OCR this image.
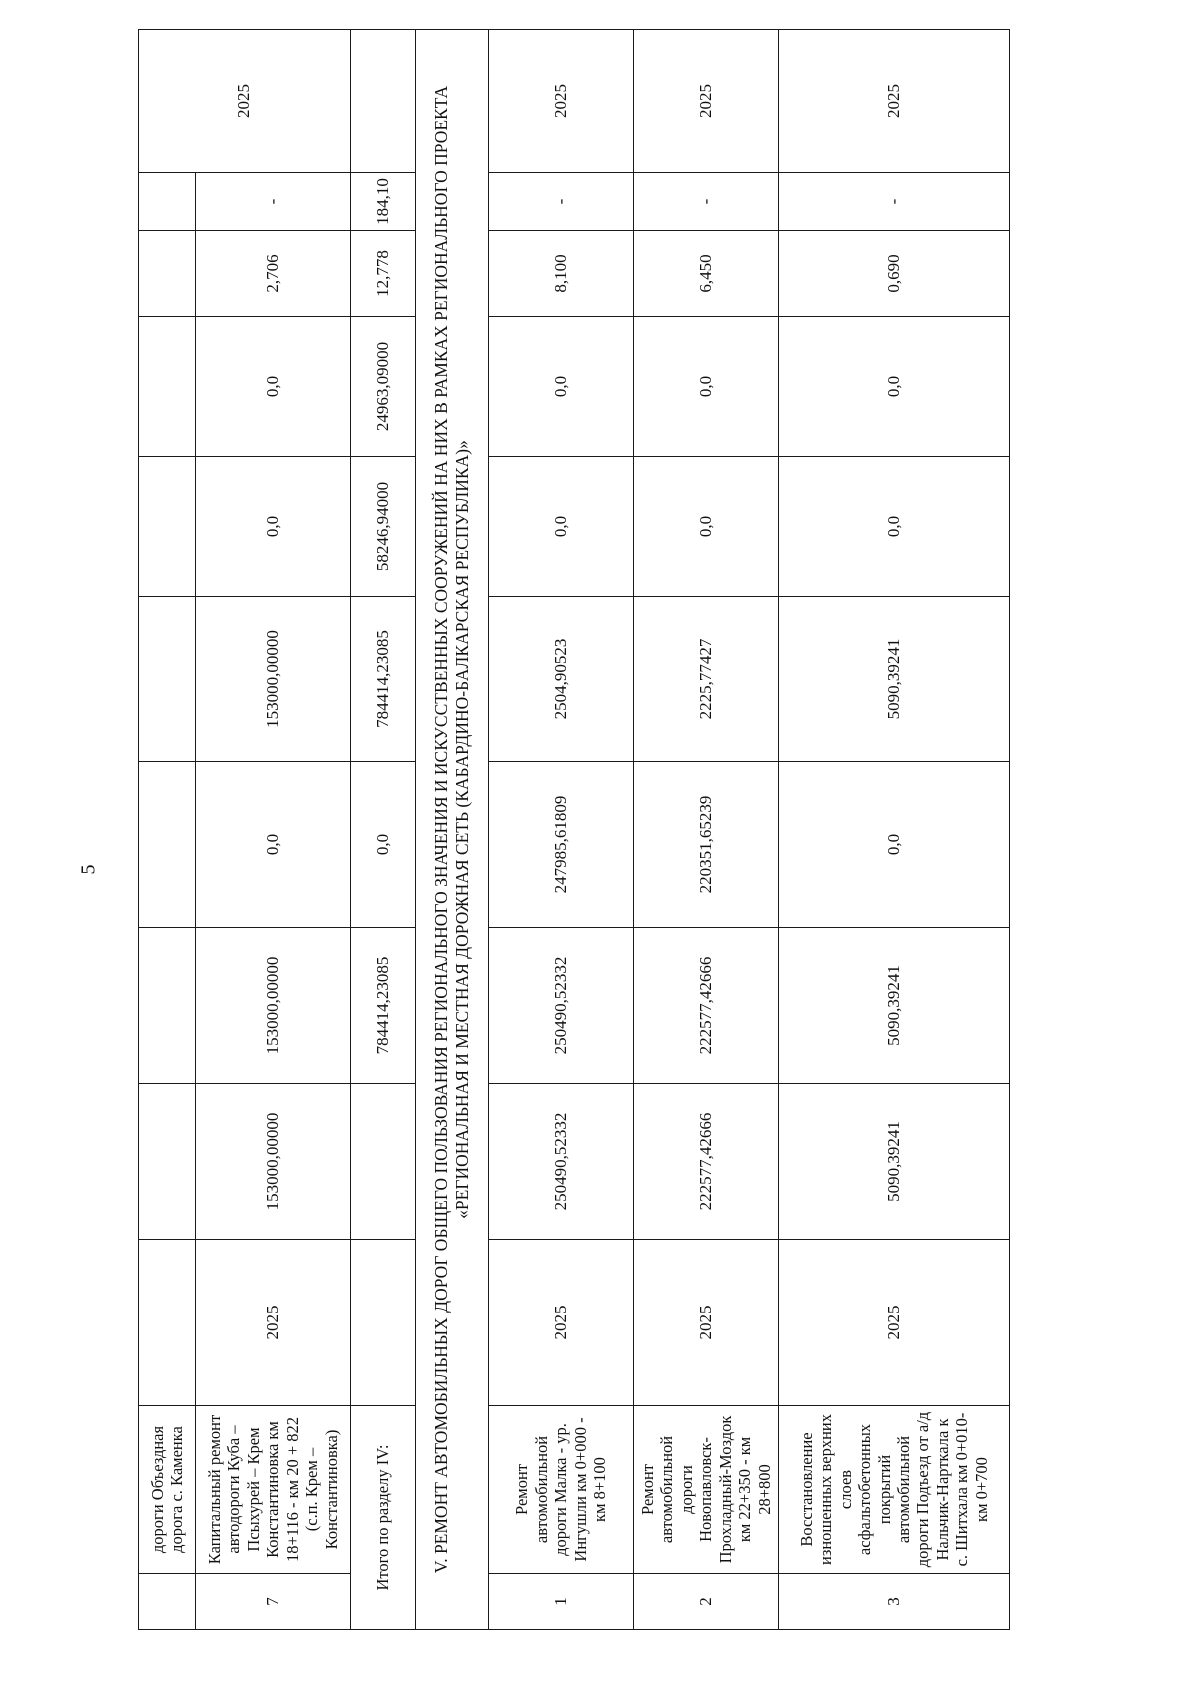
5
	дороги Объездная дорога с. Каменка										2025
7	Капитальный ремонт автодороги Куба – Псыхурей – Крем Константиновка км 18+116 - км 20 + 822 (с.п. Крем – Константиновка)	2025	153000,00000	153000,00000	0,0	153000,00000	0,0	0,0	2,706	-	
Итого по разделу IV:				784414,23085	0,0	784414,23085	58246,94000	24963,09000	12,778	184,10	
V. РЕМОНТ АВТОМОБИЛЬНЫХ ДОРОГ ОБЩЕГО ПОЛЬЗОВАНИЯ РЕГИОНАЛЬНОГО ЗНАЧЕНИЯ И ИСКУССТВЕННЫХ СООРУЖЕНИЙ НА НИХ В РАМКАХ РЕГИОНАЛЬНОГО ПРОЕКТА «РЕГИОНАЛЬНАЯ И МЕСТНАЯ ДОРОЖНАЯ СЕТЬ (КАБАРДИНО-БАЛКАРСКАЯ РЕСПУБЛИКА)»											
1	Ремонт автомобильной дороги Малка - ур. Ингушли км 0+000 - км 8+100	2025	250490,52332	250490,52332	247985,61809	2504,90523	0,0	0,0	8,100	-	2025
2	Ремонт автомобильной дороги Новопавловск-Прохладный-Моздок км 22+350 - км 28+800	2025	222577,42666	222577,42666	220351,65239	2225,77427	0,0	0,0	6,450	-	2025
3	Восстановление изношенных верхних слоев асфальтобетонных покрытий автомобильной дороги Подъезд от а/д Нальчик-Нарткала к с. Шитхала км 0+010-км 0+700	2025	5090,39241	5090,39241	0,0	5090,39241	0,0	0,0	0,690	-	2025
